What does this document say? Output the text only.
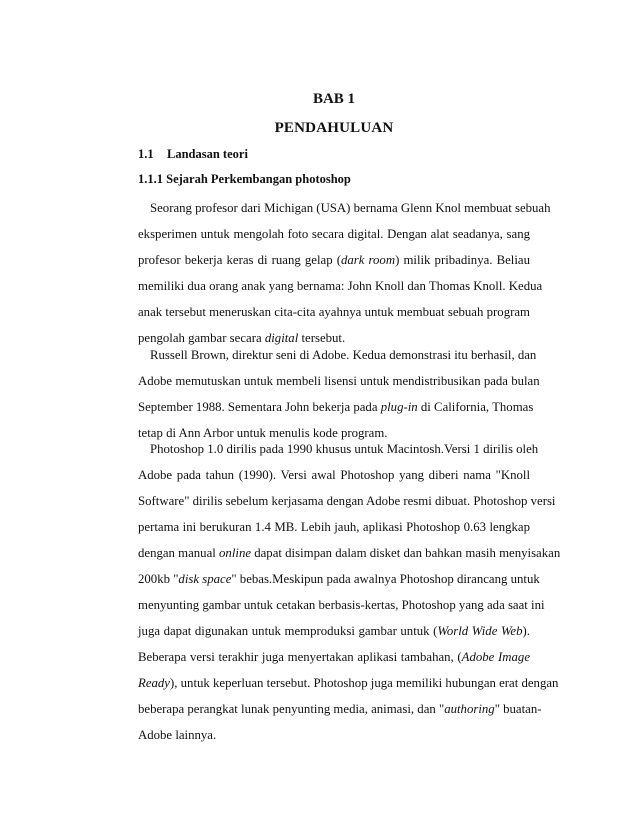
BAB 1
PENDAHULUAN
1.1 Landasan teori
1.1.1 Sejarah Perkembangan photoshop
Seorang profesor dari Michigan (USA) bernama Glenn Knol membuat sebuah
eksperimen untuk mengolah foto secara digital. Dengan alat seadanya, sang
profesor bekerja keras di ruang gelap (dark room) milik pribadinya. Beliau
memiliki dua orang anak yang bernama: John Knoll dan Thomas Knoll. Kedua
anak tersebut meneruskan cita-cita ayahnya untuk membuat sebuah program
pengolah gambar secara digital tersebut.
Russell Brown, direktur seni di Adobe. Kedua demonstrasi itu berhasil, dan
Adobe memutuskan untuk membeli lisensi untuk mendistribusikan pada bulan
September 1988. Sementara John bekerja pada plug-in di California, Thomas
tetap di Ann Arbor untuk menulis kode program.
Photoshop 1.0 dirilis pada 1990 khusus untuk Macintosh.Versi 1 dirilis oleh
Adobe pada tahun (1990). Versi awal Photoshop yang diberi nama "Knoll
Software" dirilis sebelum kerjasama dengan Adobe resmi dibuat. Photoshop versi
pertama ini berukuran 1.4 MB. Lebih jauh, aplikasi Photoshop 0.63 lengkap
dengan manual online dapat disimpan dalam disket dan bahkan masih menyisakan
200kb "disk space" bebas.Meskipun pada awalnya Photoshop dirancang untuk
menyunting gambar untuk cetakan berbasis-kertas, Photoshop yang ada saat ini
juga dapat digunakan untuk memproduksi gambar untuk (World Wide Web).
Beberapa versi terakhir juga menyertakan aplikasi tambahan, (Adobe Image
Ready), untuk keperluan tersebut. Photoshop juga memiliki hubungan erat dengan
beberapa perangkat lunak penyunting media, animasi, dan "authoring" buatan-
Adobe lainnya.
